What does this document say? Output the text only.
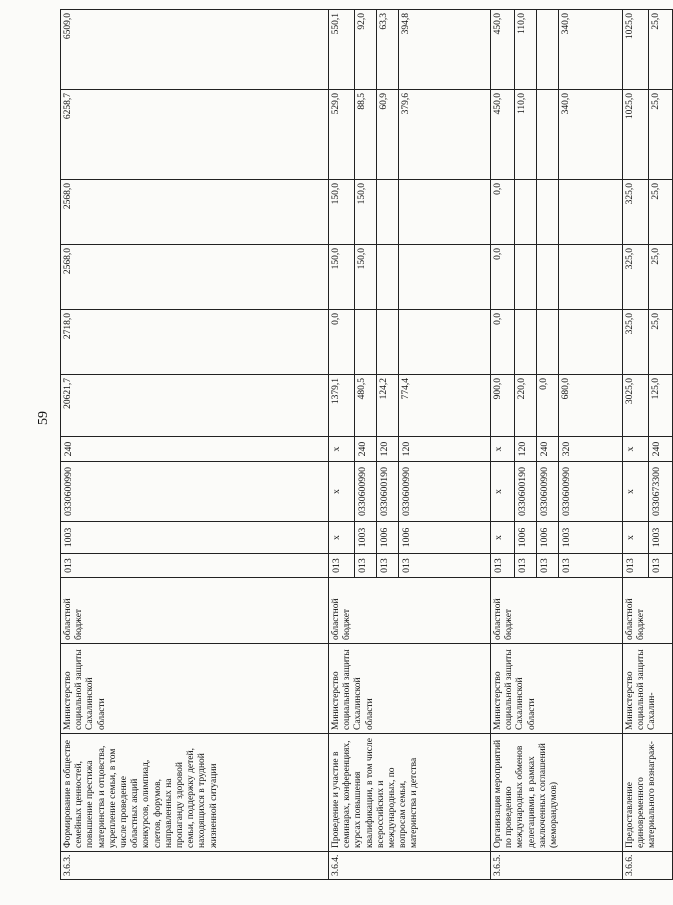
59
3.6.3.	Формирование в обществе семейных ценностей, повышение престижа материнства и отцовства, укрепление семьи, в том числе проведение областных акций конкурсов, олимпиад, слетов, форумов, направленных на пропаганду здоровой семьи, поддержку детей, находящихся в трудной жизненной ситуации	Министерство социальной защиты Сахалинской области	областной бюджет	013	1003	0330600990	240	20621,7	2718,0	2568,0	2568,0	6258,7	6509,0
3.6.4.	Проведение и участие в семинарах, конференциях, курсах повышения квалификации, в том числе всероссийских и международных, по вопросам семьи, материнства и детства	Министерство социальной защиты Сахалинской области	областной бюджет	013	х	х	х	1379,1	0,0	150,0	150,0	529,0	550,1
				013	1003	0330600990	240	480,5		150,0	150,0	88,5	92,0
				013	1006	0330600190	120	124,2				60,9	63,3
				013	1006	0330600990	120	774,4				379,6	394,8
3.6.5.	Организация мероприятий по проведению международных обменов делегациями, в рамках заключенных соглашений (меморандумов)	Министерство социальной защиты Сахалинской области	областной бюджет	013	х	х	х	900,0	0,0	0,0	0,0	450,0	450,0
				013	1006	0330600190	120	220,0				110,0	110,0
				013	1006	0330600990	240	0,0					
				013	1003	0330600990	320	680,0				340,0	340,0
3.6.6.	Предоставление единовременного материального вознаграж-	Министерство социальной защиты Сахалин-	областной бюджет	013	х	х	х	3025,0	325,0	325,0	325,0	1025,0	1025,0
				013	1003	0330673300	240	125,0	25,0	25,0	25,0	25,0	25,0
